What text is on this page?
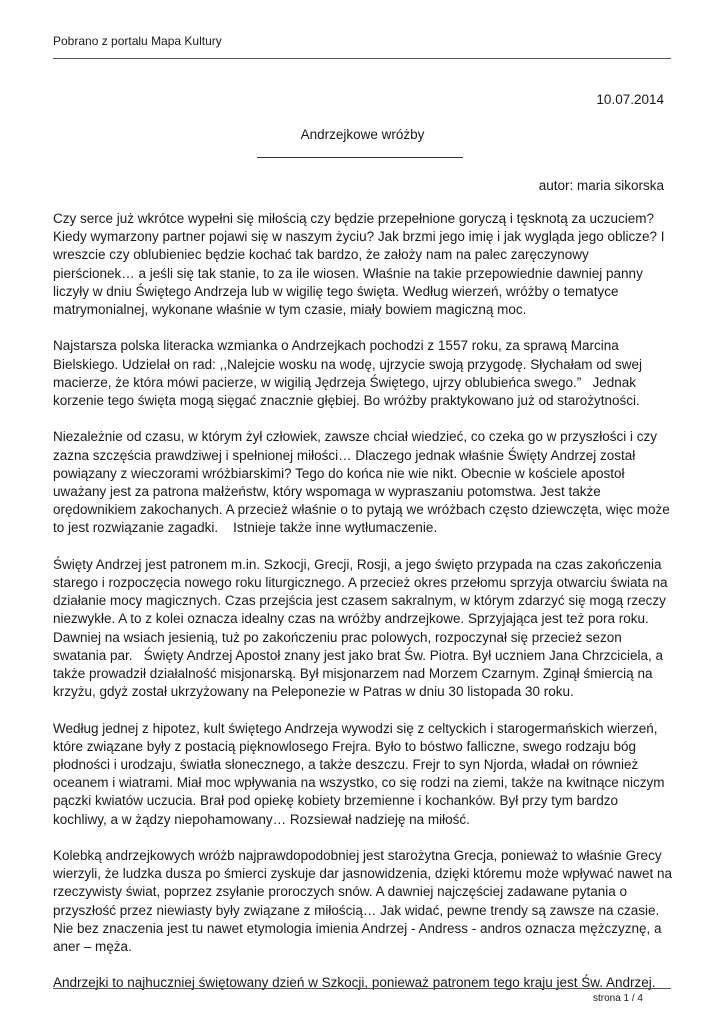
Pobrano z portalu Mapa Kultury
10.07.2014
Andrzejkowe wróżby
autor: maria sikorska

Czy serce już wkrótce wypełni się miłością czy będzie przepełnione goryczą i tęsknotą za uczuciem?
Kiedy wymarzony partner pojawi się w naszym życiu? Jak brzmi jego imię i jak wygląda jego oblicze? I
wreszcie czy oblubieniec będzie kochać tak bardzo, że założy nam na palec zaręczynowy
pierścionek… a jeśli się tak stanie, to za ile wiosen. Właśnie na takie przepowiednie dawniej panny
liczyły w dniu Świętego Andrzeja lub w wigilię tego święta. Według wierzeń, wróżby o tematyce
matrymonialnej, wykonane właśnie w tym czasie, miały bowiem magiczną moc.

Najstarsza polska literacka wzmianka o Andrzejkach pochodzi z 1557 roku, za sprawą Marcina
Bielskiego. Udzielał on rad: ,,Nalejcie wosku na wodę, ujrzycie swoją przygodę. Słychałam od swej
macierze, że która mówi pacierze, w wigilią Jędrzeja Świętego, ujrzy oblubieńca swego.”   Jednak
korzenie tego święta mogą sięgać znacznie głębiej. Bo wróżby praktykowano już od starożytności.

Niezależnie od czasu, w którym żył człowiek, zawsze chciał wiedzieć, co czeka go w przyszłości i czy
zazna szczęścia prawdziwej i spełnionej miłości… Dlaczego jednak właśnie Święty Andrzej został
powiązany z wieczorami wróżbiarskimi? Tego do końca nie wie nikt. Obecnie w kościele apostoł
uważany jest za patrona małżeństw, który wspomaga w wypraszaniu potomstwa. Jest także
orędownikiem zakochanych. A przecież właśnie o to pytają we wróżbach często dziewczęta, więc może
to jest rozwiązanie zagadki.    Istnieje także inne wytłumaczenie.

Święty Andrzej jest patronem m.in. Szkocji, Grecji, Rosji, a jego święto przypada na czas zakończenia
starego i rozpoczęcia nowego roku liturgicznego. A przecież okres przełomu sprzyja otwarciu świata na
działanie mocy magicznych. Czas przejścia jest czasem sakralnym, w którym zdarzyć się mogą rzeczy
niezwykłe. A to z kolei oznacza idealny czas na wróżby andrzejkowe. Sprzyjająca jest też pora roku.
Dawniej na wsiach jesienią, tuż po zakończeniu prac polowych, rozpoczynał się przecież sezon
swatania par.   Święty Andrzej Apostoł znany jest jako brat Św. Piotra. Był uczniem Jana Chrzciciela, a
także prowadził działalność misjonarską. Był misjonarzem nad Morzem Czarnym. Zginął śmiercią na
krzyżu, gdyż został ukrzyżowany na Peleponezie w Patras w dniu 30 listopada 30 roku.

Według jednej z hipotez, kult świętego Andrzeja wywodzi się z celtyckich i starogermańskich wierzeń,
które związane były z postacią pięknowlosego Frejra. Było to bóstwo falliczne, swego rodzaju bóg
płodności i urodzaju, światła słonecznego, a także deszczu. Frejr to syn Njorda, władał on również
oceanem i wiatrami. Miał moc wpływania na wszystko, co się rodzi na ziemi, także na kwitnące niczym
pączki kwiatów uczucia. Brał pod opiekę kobiety brzemienne i kochanków. Był przy tym bardzo
kochliwy, a w żądzy niepohamowany… Rozsiewał nadzieję na miłość.

Kolebką andrzejkowych wróżb najprawdopodobniej jest starożytna Grecja, ponieważ to właśnie Grecy
wierzyli, że ludzka dusza po śmierci zyskuje dar jasnowidzenia, dzięki któremu może wpływać nawet na
rzeczywisty świat, poprzez zsyłanie proroczych snów. A dawniej najczęściej zadawane pytania o
przyszłość przez niewiasty były związane z miłością… Jak widać, pewne trendy są zawsze na czasie.
Nie bez znaczenia jest tu nawet etymologia imienia Andrzej - Andress - andros oznacza mężczyznę, a
aner – męża.

Andrzejki to najhuczniej świętowany dzień w Szkocji, ponieważ patronem tego kraju jest Św. Andrzej.

strona 1 / 4
